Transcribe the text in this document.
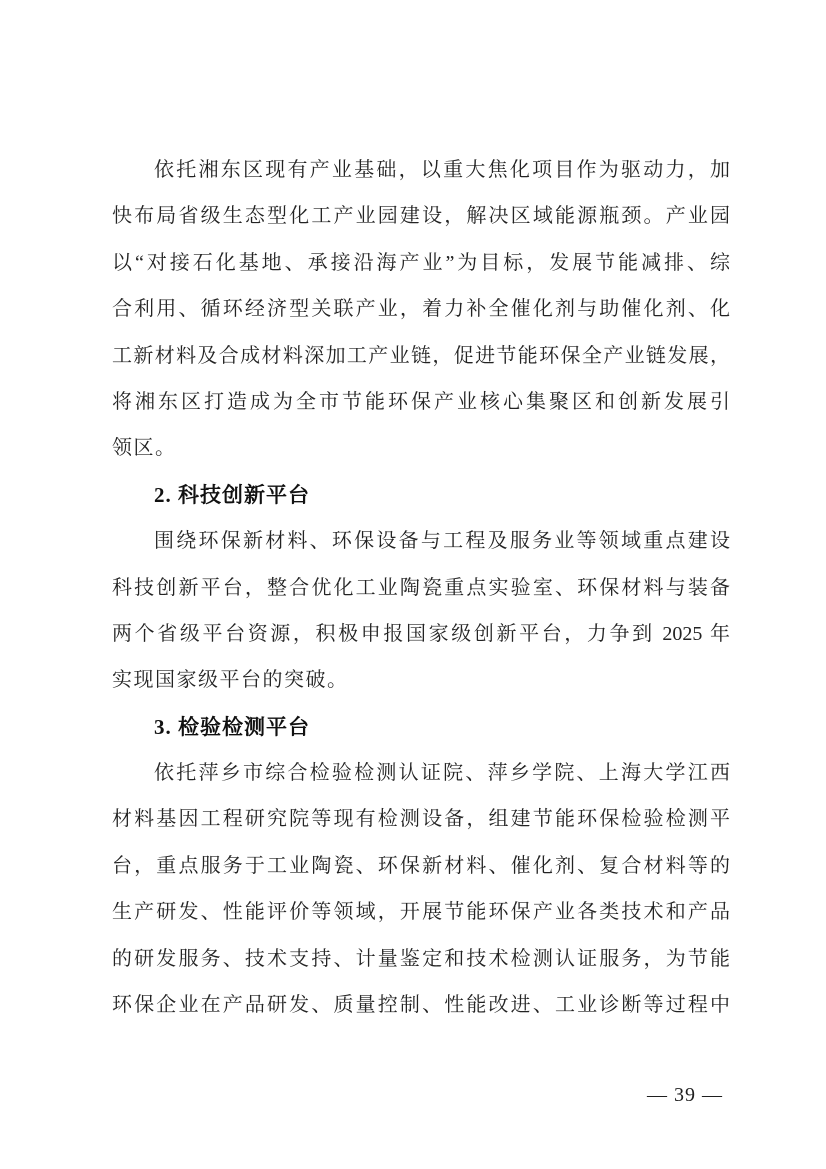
依托湘东区现有产业基础，以重大焦化项目作为驱动力，加
快布局省级生态型化工产业园建设，解决区域能源瓶颈。产业园
以“对接石化基地、承接沿海产业”为目标，发展节能减排、综
合利用、循环经济型关联产业，着力补全催化剂与助催化剂、化
工新材料及合成材料深加工产业链，促进节能环保全产业链发展，
将湘东区打造成为全市节能环保产业核心集聚区和创新发展引
领区。
2. 科技创新平台
围绕环保新材料、环保设备与工程及服务业等领域重点建设
科技创新平台，整合优化工业陶瓷重点实验室、环保材料与装备
两个省级平台资源，积极申报国家级创新平台，力争到 2025 年
实现国家级平台的突破。
3. 检验检测平台
依托萍乡市综合检验检测认证院、萍乡学院、上海大学江西
材料基因工程研究院等现有检测设备，组建节能环保检验检测平
台，重点服务于工业陶瓷、环保新材料、催化剂、复合材料等的
生产研发、性能评价等领域，开展节能环保产业各类技术和产品
的研发服务、技术支持、计量鉴定和技术检测认证服务，为节能
环保企业在产品研发、质量控制、性能改进、工业诊断等过程中
— 39 —
